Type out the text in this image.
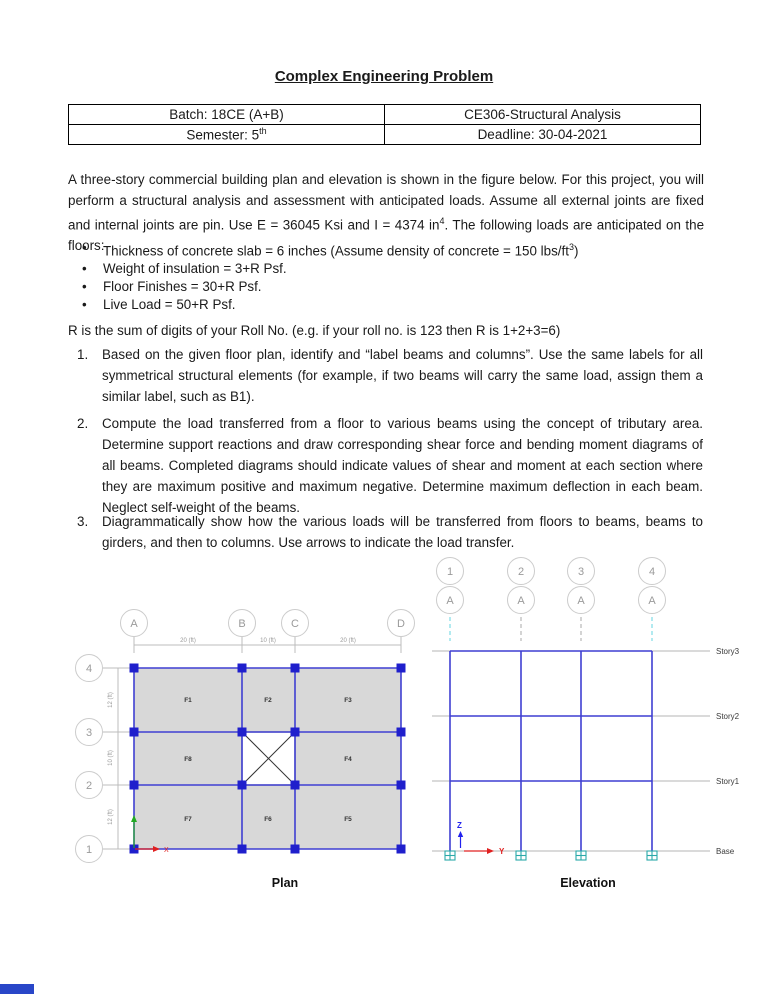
Complex Engineering Problem
Batch: 18CE (A+B)	CE306-Structural Analysis
Semester: 5th	Deadline: 30-04-2021

A three-story commercial building plan and elevation is shown in the figure below. For this project, you will perform a structural analysis and assessment with anticipated loads. Assume all external joints are fixed and internal joints are pin. Use E = 36045 Ksi and I = 4374 $in^4$. The following loads are anticipated on the floors:

• Thickness of concrete slab = 6 inches (Assume density of concrete = 150 lbs/$ft^3$)
• Weight of insulation = 3+R Psf.
• Floor Finishes = 30+R Psf.
• Live Load = 50+R Psf.

R is the sum of digits of your Roll No. (e.g. if your roll no. is 123 then R is 1+2+3=6)

1.	Based on the given floor plan, identify and “label beams and columns”. Use the same labels for all symmetrical structural elements (for example, if two beams will carry the same load, assign them a similar label, such as B1).
2.	Compute the load transferred from a floor to various beams using the concept of tributary area. Determine support reactions and draw corresponding shear force and bending moment diagrams of all beams. Completed diagrams should indicate values of shear and moment at each section where they are maximum positive and maximum negative. Determine maximum deflection in each beam. Neglect self-weight of the beams.
3.	Diagrammatically show how the various loads will be transferred from floors to beams, beams to girders, and then to columns. Use arrows to indicate the load transfer.
1	2	3	4
A	A	A	A
A	B	C	D
4
3
2
1
20 (ft)	10 (ft)	20 (ft)
12 (ft)
10 (ft)
12 (ft)
F1	F2	F3
F8	F4
F7	F6	F5
X
Plan
Story3
Story2
Story1
Base
Z
Y
Elevation
